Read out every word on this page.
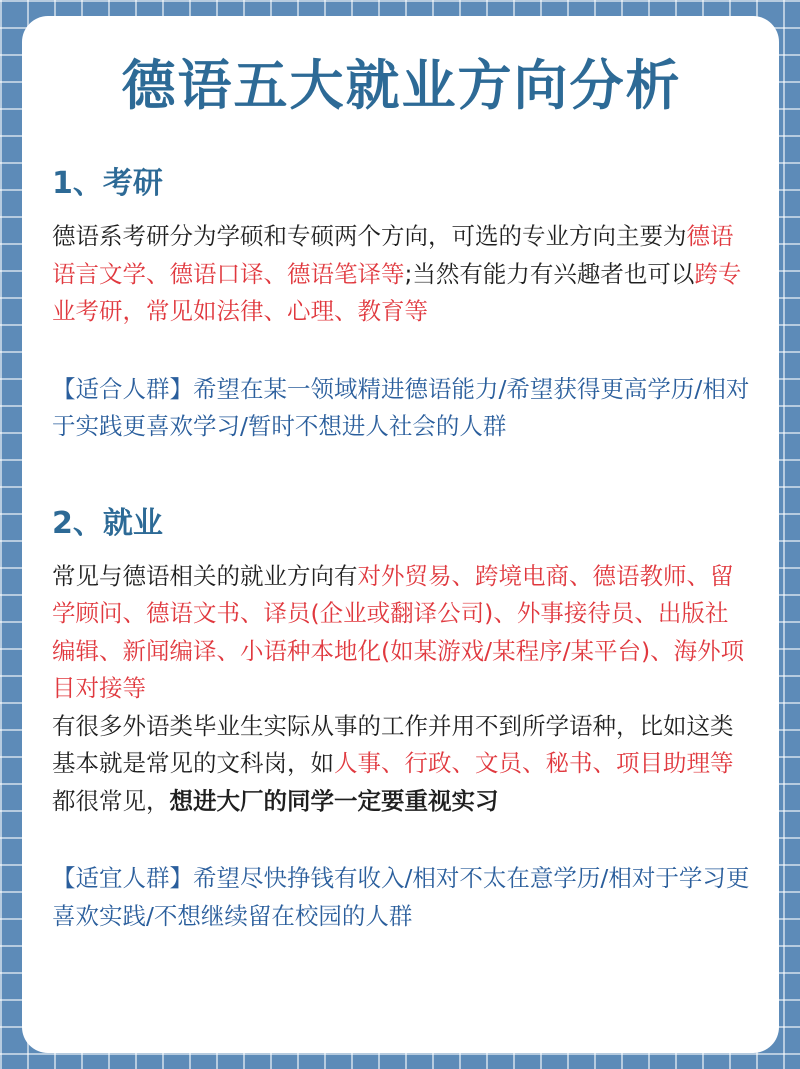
德语五大就业方向分析
1、考研

德语系考研分为学硕和专硕两个方向，可选的专业方向主要为德语语言文学、德语口译、德语笔译等;当然有能力有兴趣者也可以跨专业考研，常见如法律、心理、教育等

【适合人群】希望在某一领域精进德语能力/希望获得更高学历/相对于实践更喜欢学习/暂时不想进人社会的人群

2、就业

常见与德语相关的就业方向有对外贸易、跨境电商、德语教师、留学顾问、德语文书、译员(企业或翻译公司)、外事接待员、出版社编辑、新闻编译、小语种本地化(如某游戏/某程序/某平台)、海外项目对接等

有很多外语类毕业生实际从事的工作并用不到所学语种，比如这类基本就是常见的文科岗，如人事、行政、文员、秘书、项目助理等都很常见，想进大厂的同学一定要重视实习

【适宜人群】希望尽快挣钱有收入/相对不太在意学历/相对于学习更喜欢实践/不想继续留在校园的人群
